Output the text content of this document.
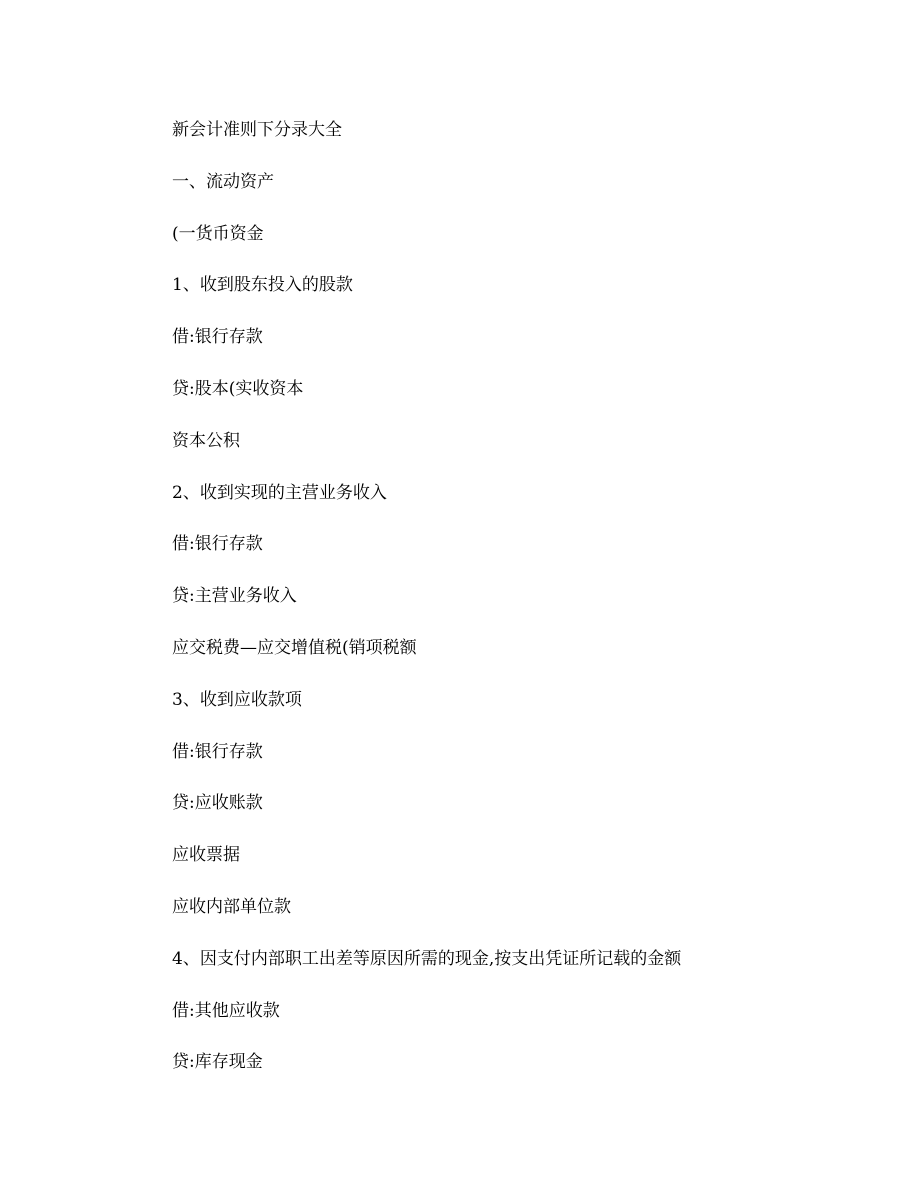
新会计准则下分录大全
一、流动资产
(一货币资金
1、收到股东投入的股款
借:银行存款
贷:股本(实收资本
资本公积
2、收到实现的主营业务收入
借:银行存款
贷:主营业务收入
应交税费—应交增值税(销项税额
3、收到应收款项
借:银行存款
贷:应收账款
应收票据
应收内部单位款
4、因支付内部职工出差等原因所需的现金,按支出凭证所记载的金额
借:其他应收款
贷:库存现金
